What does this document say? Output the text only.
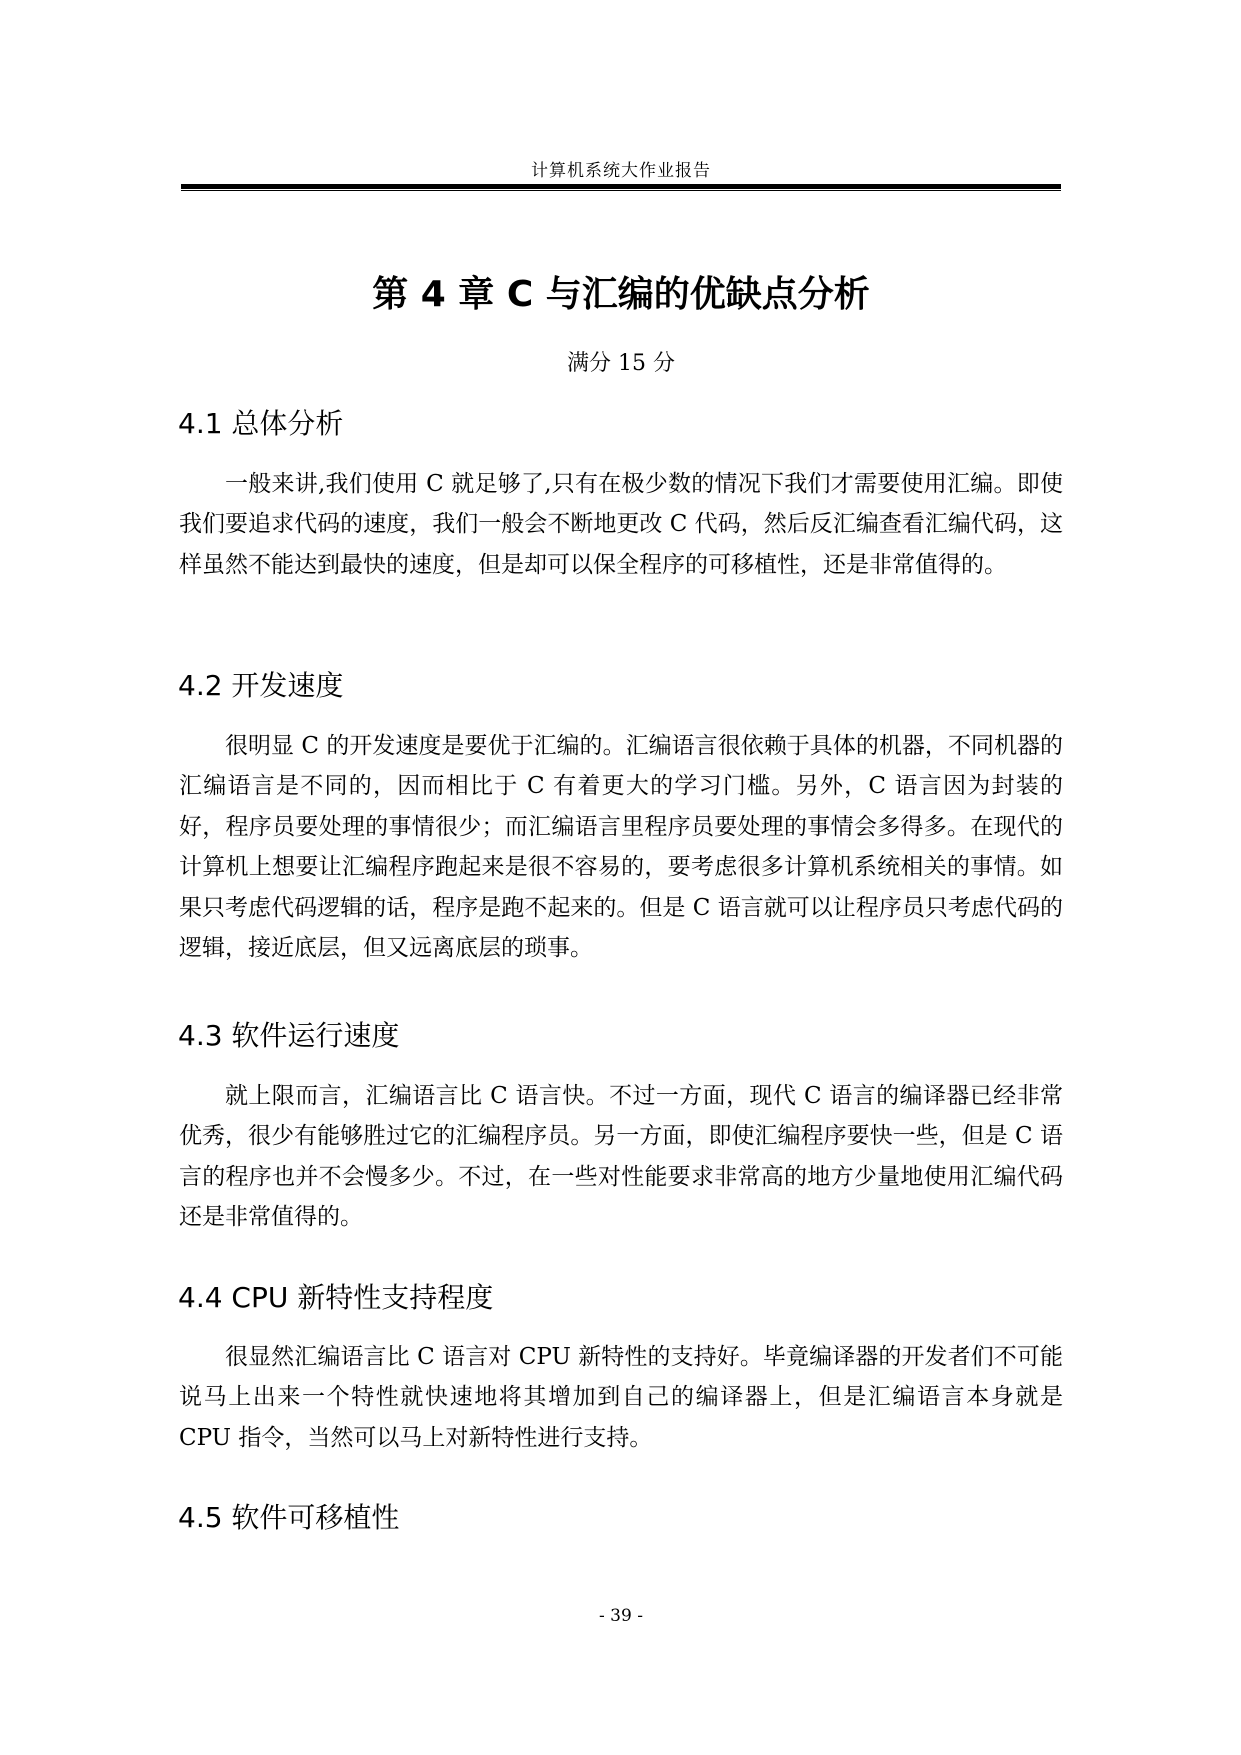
计算机系统大作业报告
第 4 章 C 与汇编的优缺点分析
满分 15 分
4.1 总体分析

一般来讲,我们使用 C 就足够了,只有在极少数的情况下我们才需要使用汇编。即使我们要追求代码的速度，我们一般会不断地更改 C 代码，然后反汇编查看汇编代码，这样虽然不能达到最快的速度，但是却可以保全程序的可移植性，还是非常值得的。

4.2 开发速度

很明显 C 的开发速度是要优于汇编的。汇编语言很依赖于具体的机器，不同机器的汇编语言是不同的，因而相比于 C 有着更大的学习门槛。另外，C 语言因为封装的好，程序员要处理的事情很少；而汇编语言里程序员要处理的事情会多得多。在现代的计算机上想要让汇编程序跑起来是很不容易的，要考虑很多计算机系统相关的事情。如果只考虑代码逻辑的话，程序是跑不起来的。但是 C 语言就可以让程序员只考虑代码的逻辑，接近底层，但又远离底层的琐事。

4.3 软件运行速度

就上限而言，汇编语言比 C 语言快。不过一方面，现代 C 语言的编译器已经非常优秀，很少有能够胜过它的汇编程序员。另一方面，即使汇编程序要快一些，但是 C 语言的程序也并不会慢多少。不过，在一些对性能要求非常高的地方少量地使用汇编代码还是非常值得的。

4.4 CPU 新特性支持程度

很显然汇编语言比 C 语言对 CPU 新特性的支持好。毕竟编译器的开发者们不可能说马上出来一个特性就快速地将其增加到自己的编译器上，但是汇编语言本身就是 CPU 指令，当然可以马上对新特性进行支持。

4.5 软件可移植性
- 39 -
